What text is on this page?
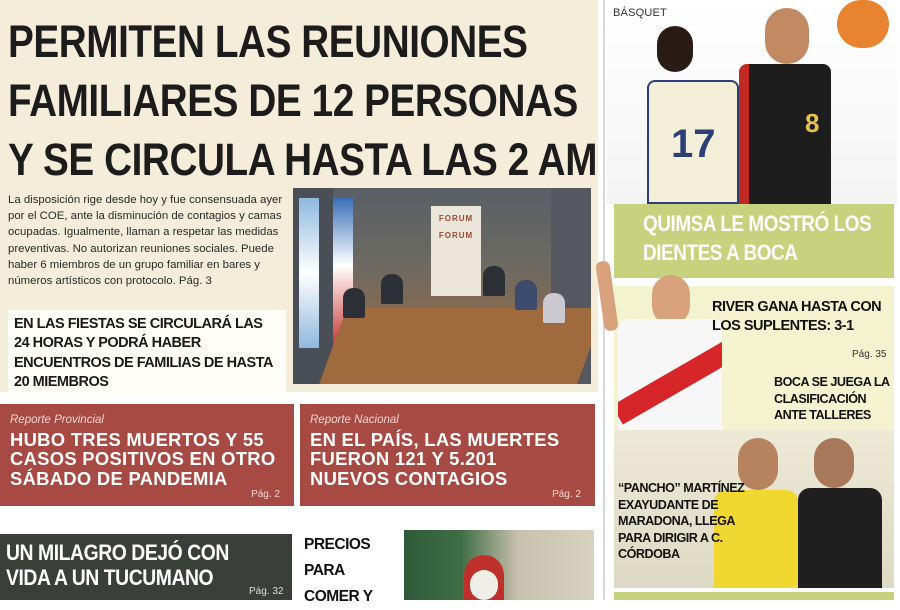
PERMITEN LAS REUNIONES
FAMILIARES DE 12 PERSONAS
Y SE CIRCULA HASTA LAS 2 AM

La disposición rige desde hoy y fue consensuada ayer por el COE, ante la disminución de contagios y camas ocupadas. Igualmente, llaman a respetar las medidas preventivas. No autorizan reuniones sociales. Puede haber 6 miembros de un grupo familiar en bares y números artísticos con protocolo. Pág. 3

EN LAS FIESTAS SE CIRCULARÁ LAS 24 HORAS Y PODRÁ HABER ENCUENTROS DE FAMILIAS DE HASTA 20 MIEMBROS
FORUM
FORUM
Reporte Provincial
HUBO TRES MUERTOS Y 55 CASOS POSITIVOS EN OTRO SÁBADO DE PANDEMIA
Pág. 2
Reporte Nacional
EN EL PAÍS, LAS MUERTES FUERON 121 Y 5.201 NUEVOS CONTAGIOS
Pág. 2
UN MILAGRO DEJÓ CON VIDA A UN TUCUMANO
Pág. 32
PRECIOS PARA COMER Y
17	8
BÁSQUET
QUIMSA LE MOSTRÓ LOS DIENTES A BOCA
RIVER GANA HASTA CON LOS SUPLENTES: 3-1
Pág. 35
BOCA SE JUEGA LA CLASIFICACIÓN ANTE TALLERES
“PANCHO” MARTÍNEZ EXAYUDANTE DE MARADONA, LLEGA PARA DIRIGIR A C. CÓRDOBA
